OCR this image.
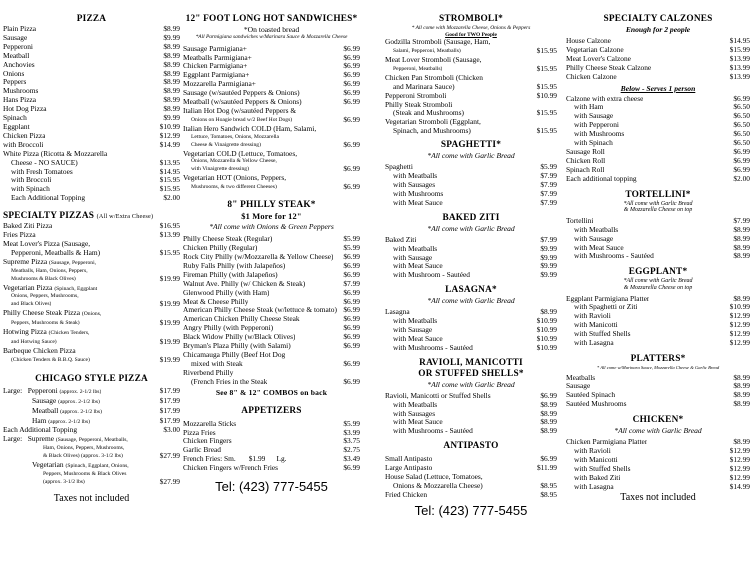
PIZZA
Plain Pizza	$8.99
Sausage	$9.99
Pepperoni	$8.99
Meatball	$8.99
Anchovies	$8.99
Onions	$8.99
Peppers	$8.99
Mushrooms	$8.99
Hans Pizza	$8.99
Hot Dog Pizza	$8.99
Spinach	$9.99
Eggplant	$10.99
Chicken Pizza	$12.99
with Broccoli	$14.99
White Pizza (Ricotta & Mozzarella
Cheese - NO SAUCE)	$13.95
with Fresh Tomatoes	$14.95
with Broccoli	$15.95
with Spinach	$15.95
Each Additional Topping	$2.00
SPECIALTY PIZZAS (All w/Extra Cheese)
Baked Ziti Pizza	$16.95
Fries Pizza	$13.99
Meat Lover's Pizza (Sausage,
Pepperoni, Meatballs & Ham)	$15.95
Supreme Pizza (Sausage, Pepperoni,
Meatballs, Ham, Onions, Peppers,
Mushrooms & Black Olives)	$19.99
Vegetarian Pizza (Spinach, Eggplant
Onions, Peppers, Mushrooms,
and Black Olives)	$19.99
Philly Cheese Steak Pizza (Onions,
Peppers, Mushrooms & Steak)	$19.99
Hotwing Pizza (Chicken Tenders,
and Hotwing Sauce)	$19.99
Barbeque Chicken Pizza
(Chicken Tenders & B.B.Q. Sauce)	$19.99
CHICAGO STYLE PIZZA
Large: Pepperoni (approx. 2-1/2 lbs)	$17.99
Sausage (approx. 2-1/2 lbs)	$17.99
Meatball (approx. 2-1/2 lbs)	$17.99
Ham (approx. 2-1/2 lbs)	$17.99
Each Additional Topping	$3.00
Large: Supreme (Sausage, Pepperoni, Meatballs,
Ham, Onions, Peppers, Mushrooms,
& Black Olives) (approx. 3-1/2 lbs)	$27.99
Vegetarian (Spinach, Eggplant, Onions,
Peppers, Mushrooms & Black Olives
(approx. 3-1/2 lbs)	$27.99
Taxes not included
12" FOOT LONG HOT SANDWICHES*
*On toasted bread
*All Parmigiana sandwiches w/Marinara Sauce & Mozzarella Cheese
Sausage Parmigiana+	$6.99
Meatballs Parmigiana+	$6.99
Chicken Parmigiana+	$6.99
Eggplant Parmigiana+	$6.99
Mozzarella Parmigiana+	$6.99
Sausage (w/sautéed Peppers & Onions)	$6.99
Meatball (w/sautéed Peppers & Onions)	$6.99
Italian Hot Dog (w/sautéed Peppers &
Onions on Hoagie bread w/2 Beef Hot Dogs)	$6.99
Italian Hero Sandwich COLD (Ham, Salami,
Lettuce, Tomatoes, Onions, Mozzarella
Cheese & Vinaigrette dressing)	$6.99
Vegetarian COLD (Lettuce, Tomatoes,
Onions, Mozzarella & Yellow Cheese,
with Vinaigrette dressing)	$6.99
Vegetarian HOT (Onions, Peppers,
Mushrooms, & two different Cheeses)	$6.99
8" PHILLY STEAK*
$1 More for 12"
*All come with Onions & Green Peppers
Philly Cheese Steak (Regular)	$5.99
Chicken Philly (Regular)	$5.99
Rock City Philly (w/Mozzarella & Yellow Cheese) $6.99
Ruby Falls Philly (with Jalapeños)	$6.99
Fireman Philly (with Jalapeños)	$6.99
Walnut Ave. Philly (w/ Chicken & Steak)	$7.99
Glenwood Philly (with Ham)	$6.99
Meat & Cheese Philly	$6.99
American Philly Cheese Steak (w/lettuce & tomato) $6.99
American Chicken Philly Cheese Steak	$6.99
Angry Philly (with Pepperoni)	$6.99
Black Widow Philly (w/Black Olives)	$6.99
Bryman's Plaza Philly (with Salami)	$6.99
Chicamauga Philly (Beef Hot Dog
mixed with Steak	$6.99
Riverbend Philly
(French Fries in the Steak	$6.99
See 8" & 12" COMBOS on back
APPETIZERS
Mozzarella Sticks	$5.99
Pizza Fries	$3.99
Chicken Fingers	$3.75
Garlic Bread	$2.75
French Fries: Sm. $1.99 Lg.	$3.49
Chicken Fingers w/French Fries	$6.99
Tel: (423) 777-5455
STROMBOLI*
* All come with Mozzarella Cheese, Onions & Peppers
Good for TWO People
Godzilla Stromboli (Sausage, Ham,
Salami, Pepperoni, Meatballs)	$15.95
Meat Lover Stromboli (Sausage,
Pepperoni, Meatballs)	$15.95
Chicken Pan Stromboli (Chicken
and Marinara Sauce)	$15.95
Pepperoni Stromboli	$10.99
Philly Steak Stromboli
(Steak and Mushrooms)	$15.95
Vegetarian Stromboli (Eggplant,
Spinach, and Mushrooms)	$15.95
SPAGHETTI*
*All come with Garlic Bread
Spaghetti	$5.99
with Meatballs	$7.99
with Sausages	$7.99
with Mushrooms	$7.99
with Meat Sauce	$7.99
BAKED ZITI
*All come with Garlic Bread
Baked Ziti	$7.99
with Meatballs	$9.99
with Sausage	$9.99
with Meat Sauce	$9.99
with Mushroom - Sautéed	$9.99
LASAGNA*
*All come with Garlic Bread
Lasagna	$8.99
with Meatballs	$10.99
with Sausage	$10.99
with Meat Sauce	$10.99
with Mushrooms - Sautéed	$10.99
RAVIOLI, MANICOTTI
OR STUFFED SHELLS*
*All come with Garlic Bread
Ravioli, Manicotti or Stuffed Shells	$6.99
with Meatballs	$8.99
with Sausages	$8.99
with Meat Sauce	$8.99
with Mushrooms - Sautéed	$8.99
ANTIPASTO
Small Antipasto	$6.99
Large Antipasto	$11.99
House Salad (Lettuce, Tomatoes,
Onions & Mozzarella Cheese)	$8.95
Fried Chicken	$8.95
Tel: (423) 777-5455
SPECIALTY CALZONES
Enough for 2 people
House Calzone	$14.95
Vegetarian Calzone	$15.99
Meat Lover's Calzone	$13.99
Philly Cheese Steak Calzone	$13.99
Chicken Calzone	$13.99
Below - Serves 1 person
Calzone with extra cheese	$6.99
with Ham	$6.50
with Sausage	$6.50
with Pepperoni	$6.50
with Mushrooms	$6.50
with Spinach	$6.50
Sausage Roll	$6.99
Chicken Roll	$6.99
Spinach Roll	$6.99
Each additional topping	$2.00
TORTELLINI*
*All come with Garlic Bread
& Mozzarella Cheese on top
Tortellini	$7.99
with Meatballs	$8.99
with Sausage	$8.99
with Meat Sauce	$8.99
with Mushrooms - Sautéed	$8.99
EGGPLANT*
*All come with Garlic Bread
& Mozzarella Cheese on top
Eggplant Parmigiana Platter	$8.99
with Spaghetti or Ziti	$10.99
with Ravioli	$12.99
with Manicotti	$12.99
with Stuffed Shells	$12.99
with Lasagna	$12.99
PLATTERS*
* All come w/Marinara Sauce, Mozzarella Cheese & Garlic Bread
Meatballs	$8.99
Sausage	$8.99
Sautéed Spinach	$8.99
Sautéed Mushrooms	$8.99
CHICKEN*
*All come with Garlic Bread
Chicken Parmigiana Platter	$8.99
with Ravioli	$12.99
with Manicotti	$12.99
with Stuffed Shells	$12.99
with Baked Ziti	$12.99
with Lasagna	$14.99
Taxes not included
